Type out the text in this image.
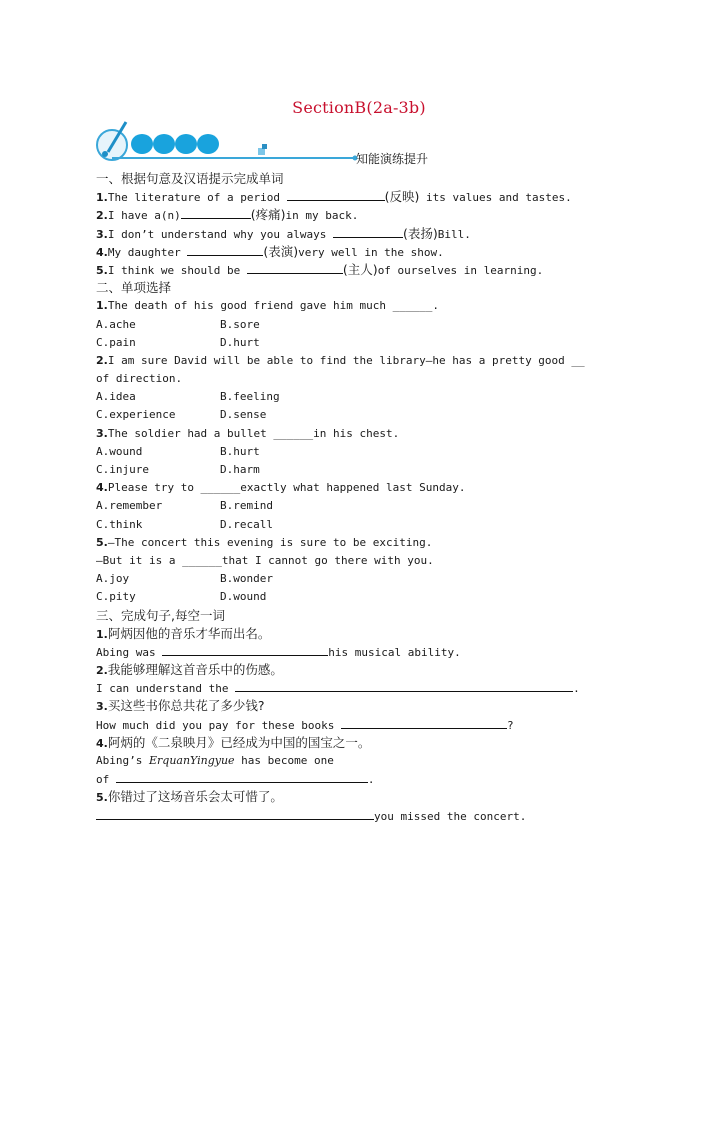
SectionB(2a-3b)
知能演练提升
一、根据句意及汉语提示完成单词
1.The literature of a period	(反映) its values and tastes.
2.I have a(n)	(疼痛)in my back.
3.I don’t understand why you always	(表扬)Bill.
4.My daughter	(表演)very well in the show.
5.I think we should be	(主人)of ourselves in learning.
二、单项选择
1.The death of his good friend gave him much ______.
A.ache	B.sore
C.pain	D.hurt
2.I am sure David will be able to find the library—he has a pretty good __
of direction.
A.idea	B.feeling
C.experience	D.sense
3.The soldier had a bullet ______in his chest.
A.wound	B.hurt
C.injure	D.harm
4.Please try to ______exactly what happened last Sunday.
A.remember	B.remind
C.think	D.recall
5.—The concert this evening is sure to be exciting.
—But it is a ______that I cannot go there with you.
A.joy	B.wonder
C.pity	D.wound
三、完成句子,每空一词
1.阿炳因他的音乐才华而出名。
Abing was	his musical ability.
2.我能够理解这首音乐中的伤感。
I can understand the	.
3.买这些书你总共花了多少钱?
How much did you pay for these books	?
4.阿炳的《二泉映月》已经成为中国的国宝之一。
Abing’s ErquanYingyue has become one
of	.
5.你错过了这场音乐会太可惜了。
you missed the concert.
